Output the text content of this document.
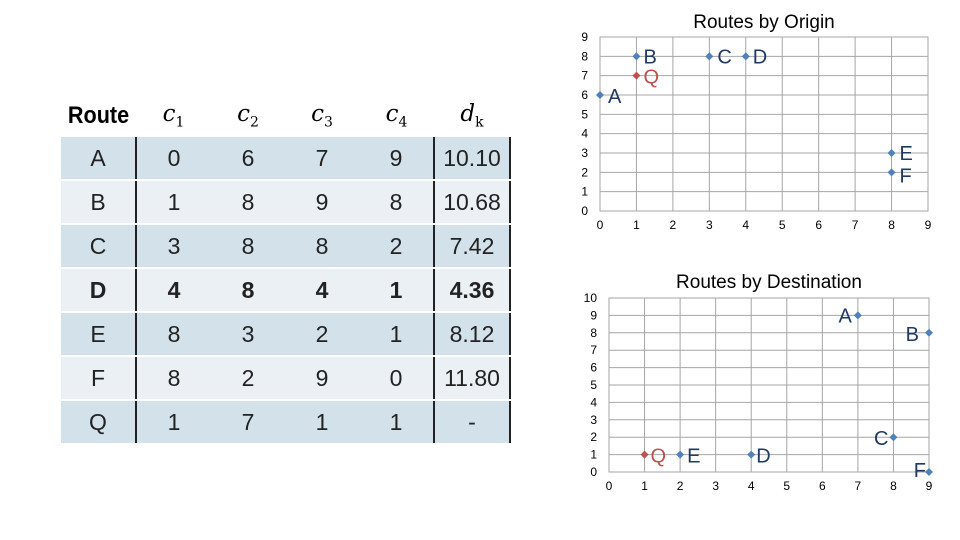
Route	$c_1$	$c_2$	$c_3$	$c_4$	$d_k$
A	0	6	7	9	10.10
B	1	8	9	8	10.68
C	3	8	8	2	7.42
D	4	8	4	1	4.36
E	8	3	2	1	8.12
F	8	2	9	0	11.80
Q	1	7	1	1	-
Routes by Origin
0 1 2 3 4 5 6 7 8 9
0
1
2
3
4
5
6
7
8
9
A
B	C D
E
F
Q
Routes by Destination
0 1 2 3 4 5 6 7 8 9
0
1
2
3
4
5
6
7
8
9
10
A
B
C
D
E
F
Q
